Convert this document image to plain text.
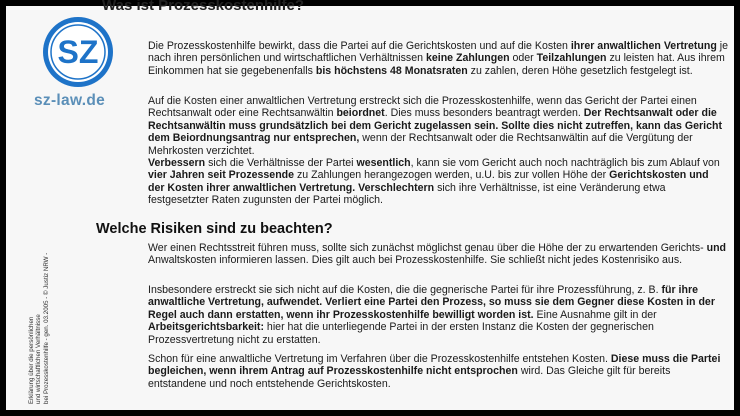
Was ist Prozesskostenhilfe?

Die Prozesskostenhilfe bewirkt, dass die Partei auf die Gerichtskosten und auf die Kosten ihrer anwaltlichen Vertretung je nach ihren persönlichen und wirtschaftlichen Verhältnissen keine Zahlungen oder Teilzahlungen zu leisten hat. Aus ihrem Einkommen hat sie gegebenenfalls bis höchstens 48 Monatsraten zu zahlen, deren Höhe gesetzlich festgelegt ist.

Auf die Kosten einer anwaltlichen Vertretung erstreckt sich die Prozesskostenhilfe, wenn das Gericht der Partei einen Rechtsanwalt oder eine Rechtsanwältin beiordnet. Dies muss besonders beantragt werden. Der Rechtsanwalt oder die Rechtsanwältin muss grundsätzlich bei dem Gericht zugelassen sein. Sollte dies nicht zutreffen, kann das Gericht dem Beiordnungsantrag nur entsprechen, wenn der Rechtsanwalt oder die Rechtsanwältin auf die Vergütung der Mehrkosten verzichtet.

Verbessern sich die Verhältnisse der Partei wesentlich, kann sie vom Gericht auch noch nachträglich bis zum Ablauf von vier Jahren seit Prozessende zu Zahlungen herangezogen werden, u.U. bis zur vollen Höhe der Gerichtskosten und der Kosten ihrer anwaltlichen Vertretung. Verschlechtern sich ihre Verhältnisse, ist eine Veränderung etwa festgesetzter Raten zugunsten der Partei möglich.

Welche Risiken sind zu beachten?

Wer einen Rechtsstreit führen muss, sollte sich zunächst möglichst genau über die Höhe der zu erwartenden Gerichts- und Anwaltskosten informieren lassen. Dies gilt auch bei Prozesskostenhilfe. Sie schließt nicht jedes Kostenrisiko aus.

Insbesondere erstreckt sie sich nicht auf die Kosten, die die gegnerische Partei für ihre Prozessführung, z. B. für ihre anwaltliche Vertretung, aufwendet. Verliert eine Partei den Prozess, so muss sie dem Gegner diese Kosten in der Regel auch dann erstatten, wenn ihr Prozesskostenhilfe bewilligt worden ist. Eine Ausnahme gilt in der Arbeitsgerichtsbarkeit: hier hat die unterliegende Partei in der ersten Instanz die Kosten der gegnerischen Prozessvertretung nicht zu erstatten.

Schon für eine anwaltliche Vertretung im Verfahren über die Prozesskostenhilfe entstehen Kosten. Diese muss die Partei begleichen, wenn ihrem Antrag auf Prozesskostenhilfe nicht entsprochen wird. Das Gleiche gilt für bereits entstandene und noch entstehende Gerichtskosten.

Erklärung über die persönlichen und wirtschaftlichen Verhältnisse bei Prozesskostenhilfe - gen. 03.2005 - © Justiz NRW -
SZ
sz-law.de
